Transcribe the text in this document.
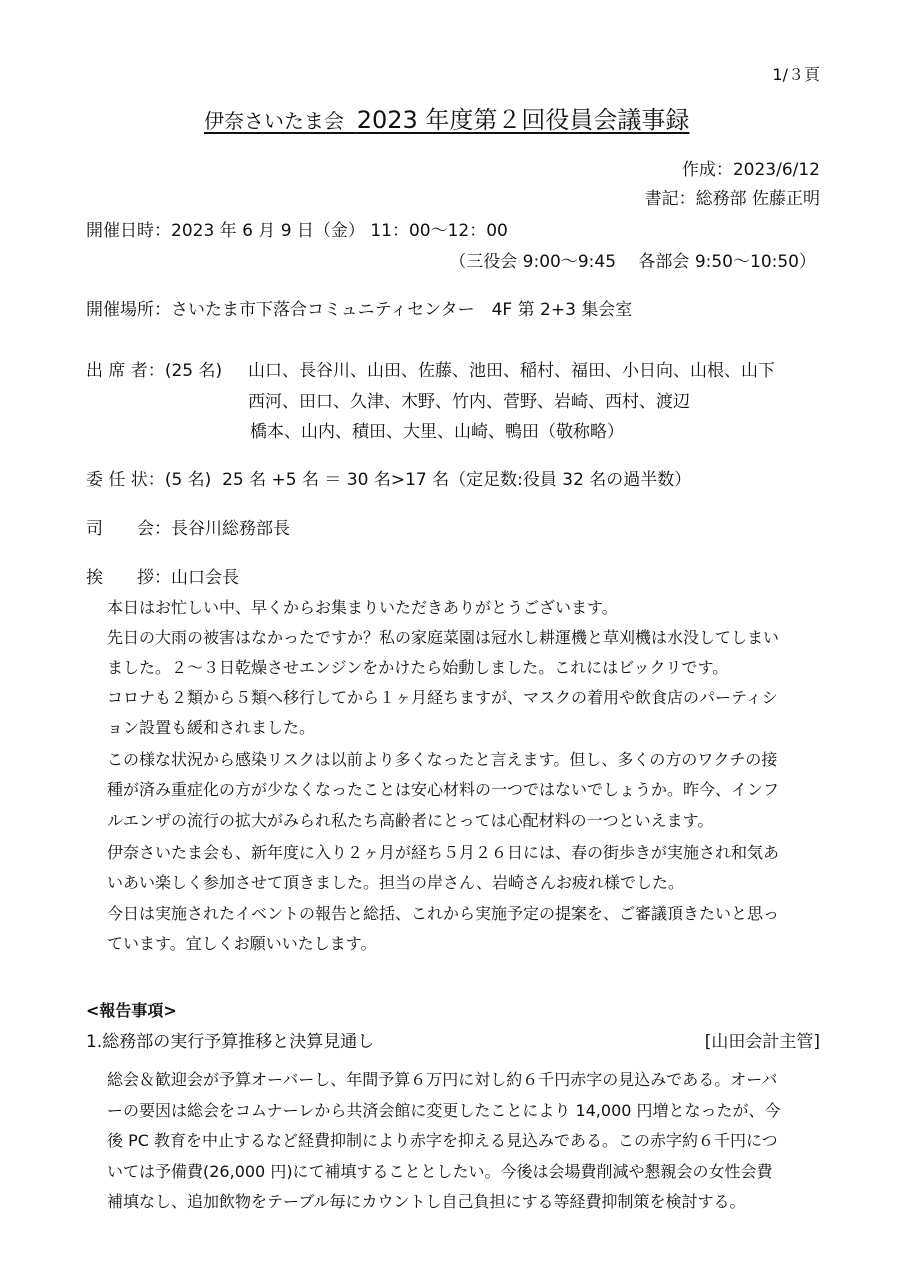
1/３頁
伊奈さいたま会 2023 年度第２回役員会議事録
作成：2023/6/12
書記：総務部 佐藤正明
開催日時：2023 年 6 月 9 日（金） 11：00～12：00
（三役会 9:00～9:45　 各部会 9:50～10:50）
開催場所：さいたま市下落合コミュニティセンター　4F 第 2+3 集会室
出 席 者：(25 名) 山口、長谷川、山田、佐藤、池田、稲村、福田、小日向、山根、山下
西河、田口、久津、木野、竹内、菅野、岩崎、西村、渡辺
橋本、山内、積田、大里、山崎、鴨田（敬称略）
委 任 状：(5 名) 25 名 +5 名 ＝ 30 名>17 名（定足数:役員 32 名の過半数）
司　　会：長谷川総務部長
挨　　拶：山口会長
本日はお忙しい中、早くからお集まりいただきありがとうございます。
先日の大雨の被害はなかったですか？私の家庭菜園は冠水し耕運機と草刈機は水没してしまい
ました。２～３日乾燥させエンジンをかけたら始動しました。これにはビックリです。
コロナも２類から５類へ移行してから１ヶ月経ちますが、マスクの着用や飲食店のパーティシ
ョン設置も緩和されました。
この様な状況から感染リスクは以前より多くなったと言えます。但し、多くの方のワクチの接
種が済み重症化の方が少なくなったことは安心材料の一つではないでしょうか。昨今、インフ
ルエンザの流行の拡大がみられ私たち高齢者にとっては心配材料の一つといえます。
伊奈さいたま会も、新年度に入り２ヶ月が経ち５月２６日には、春の街歩きが実施され和気あ
いあい楽しく参加させて頂きました。担当の岸さん、岩崎さんお疲れ様でした。
今日は実施されたイベントの報告と総括、これから実施予定の提案を、ご審議頂きたいと思っ
ています。宜しくお願いいたします。
<報告事項>
1.総務部の実行予算推移と決算見通し	[山田会計主管]
総会＆歓迎会が予算オーバーし、年間予算６万円に対し約６千円赤字の見込みである。オーバ
ーの要因は総会をコムナーレから共済会館に変更したことにより 14,000 円増となったが、今
後 PC 教育を中止するなど経費抑制により赤字を抑える見込みである。この赤字約６千円につ
いては予備費(26,000 円)にて補填することとしたい。今後は会場費削減や懇親会の女性会費
補填なし、追加飲物をテーブル毎にカウントし自己負担にする等経費抑制策を検討する。
